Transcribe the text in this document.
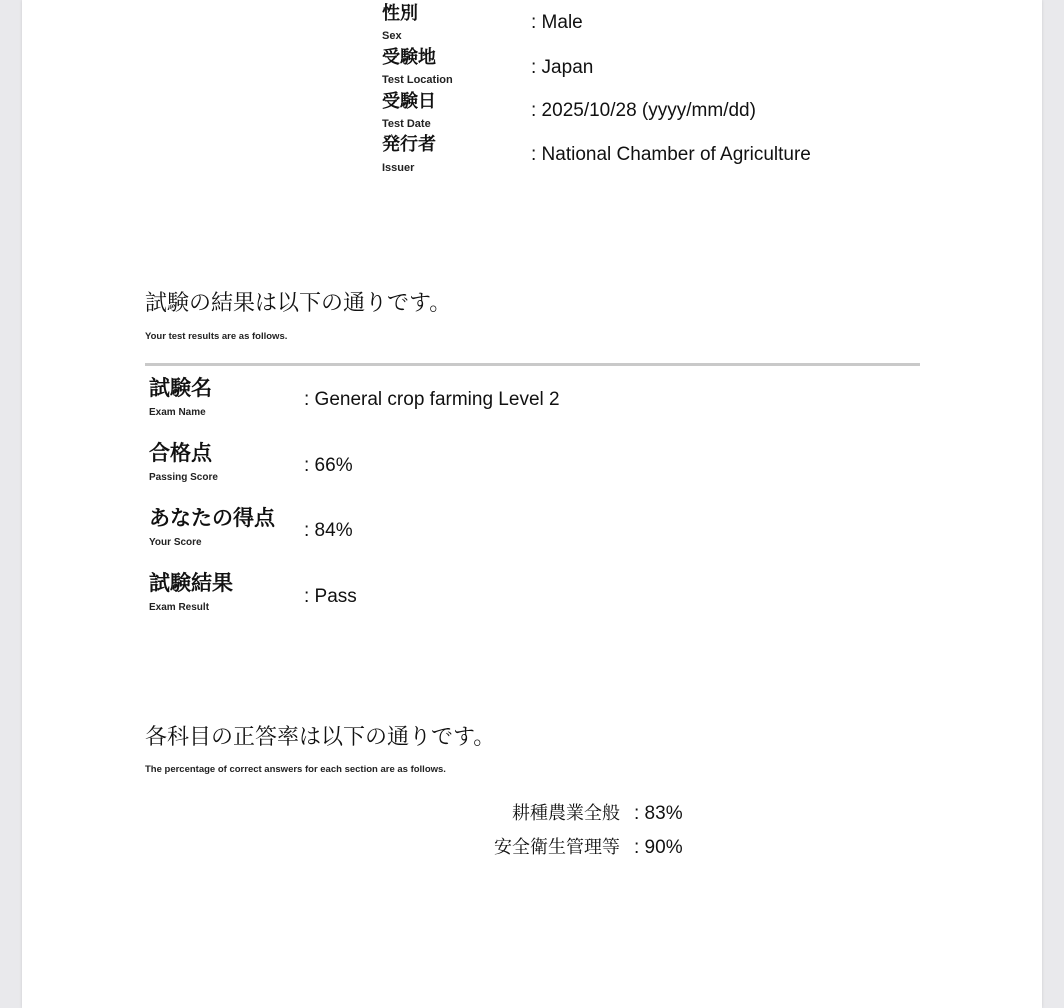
性別
Sex
: Male
受験地
Test Location
: Japan
受験日
Test Date
: 2025/10/28 (yyyy/mm/dd)
発行者
Issuer
: National Chamber of Agriculture
試験の結果は以下の通りです。
Your test results are as follows.
試験名
Exam Name
: General crop farming Level 2
合格点
Passing Score
: 66%
あなたの得点
Your Score
: 84%
試験結果
Exam Result
: Pass
各科目の正答率は以下の通りです。
The percentage of correct answers for each section are as follows.
耕種農業全般 : 83%
安全衛生管理等 : 90%
